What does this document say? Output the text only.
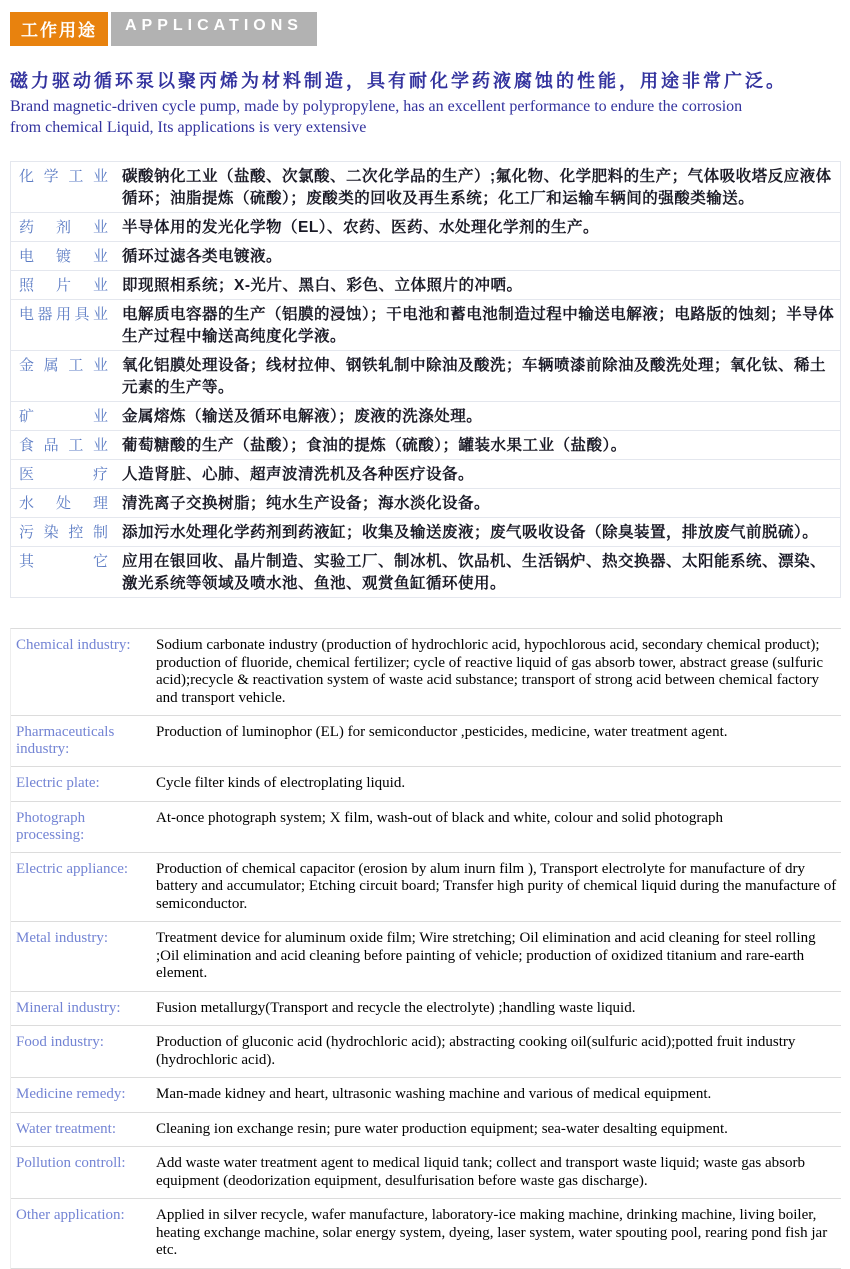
工作用途	APPLICATIONS
磁力驱动循环泵以聚丙烯为材料制造，具有耐化学药液腐蚀的性能，用途非常广泛。
Brand magnetic-driven cycle pump, made by polypropylene, has an excellent performance to endure the corrosion
from chemical Liquid, Its applications is very extensive
化学工业 碳酸钠化工业（盐酸、次氯酸、二次化学品的生产）;氟化物、化学肥料的生产；气体吸收塔反应液体循环；油脂提炼（硫酸）；废酸类的回收及再生系统；化工厂和运输车辆间的强酸类输送。
药剂业 半导体用的发光化学物（EL）、农药、医药、水处理化学剂的生产。
电镀业 循环过滤各类电镀液。
照片业 即现照相系统；X-光片、黑白、彩色、立体照片的冲哂。
电器用具业 电解质电容器的生产（铝膜的浸蚀）；干电池和蓄电池制造过程中输送电解液；电路版的蚀刻；半导体生产过程中输送高纯度化学液。
金属工业 氧化铝膜处理设备；线材拉伸、钢铁轧制中除油及酸洗；车辆喷漆前除油及酸洗处理；氧化钛、稀土元素的生产等。
矿业 金属熔炼（输送及循环电解液）；废液的洗涤处理。
食品工业 葡萄糖酸的生产（盐酸）；食油的提炼（硫酸）；罐装水果工业（盐酸）。
医疗 人造肾脏、心肺、超声波清洗机及各种医疗设备。
水处理 清洗离子交换树脂；纯水生产设备；海水淡化设备。
污染控制 添加污水处理化学药剂到药液缸；收集及输送废液；废气吸收设备（除臭装置，排放废气前脱硫）。
其它 应用在银回收、晶片制造、实验工厂、制冰机、饮品机、生活锅炉、热交换器、太阳能系统、漂染、激光系统等领域及喷水池、鱼池、观赏鱼缸循环使用。
Chemical industry:	Sodium carbonate industry (production of hydrochloric acid, hypochlorous acid, secondary chemical product); production of fluoride, chemical fertilizer; cycle of reactive liquid of gas absorb tower, abstract grease (sulfuric acid);recycle & reactivation system of waste acid substance; transport of strong acid between chemical factory and transport vehicle.
Pharmaceuticals industry:
Production of luminophor (EL) for semiconductor ,pesticides, medicine, water treatment agent.
Electric plate:	Cycle filter kinds of electroplating liquid.
Photograph processing:
At-once photograph system; X film, wash-out of black and white, colour and solid photograph
Electric appliance:	Production of chemical capacitor (erosion by alum inurn film ), Transport electrolyte for manufacture of dry battery and accumulator; Etching circuit board; Transfer high purity of chemical liquid during the manufacture of semiconductor.
Metal industry:	Treatment device for aluminum oxide film; Wire stretching; Oil elimination and acid cleaning for steel rolling ;Oil elimination and acid cleaning before painting of vehicle; production of oxidized titanium and rare-earth element.
Mineral industry:	Fusion metallurgy(Transport and recycle the electrolyte) ;handling waste liquid.
Food industry:	Production of gluconic acid (hydrochloric acid); abstracting cooking oil(sulfuric acid);potted fruit industry (hydrochloric acid).
Medicine remedy:	Man-made kidney and heart, ultrasonic washing machine and various of medical equipment.
Water treatment:	Cleaning ion exchange resin; pure water production equipment; sea-water desalting equipment.
Pollution controll:	Add waste water treatment agent to medical liquid tank; collect and transport waste liquid; waste gas absorb equipment (deodorization equipment, desulfurisation before waste gas discharge).
Other application:	Applied in silver recycle, wafer manufacture, laboratory-ice making machine, drinking machine, living boiler, heating exchange machine, solar energy system, dyeing, laser system, water spouting pool, rearing pond fish jar etc.
